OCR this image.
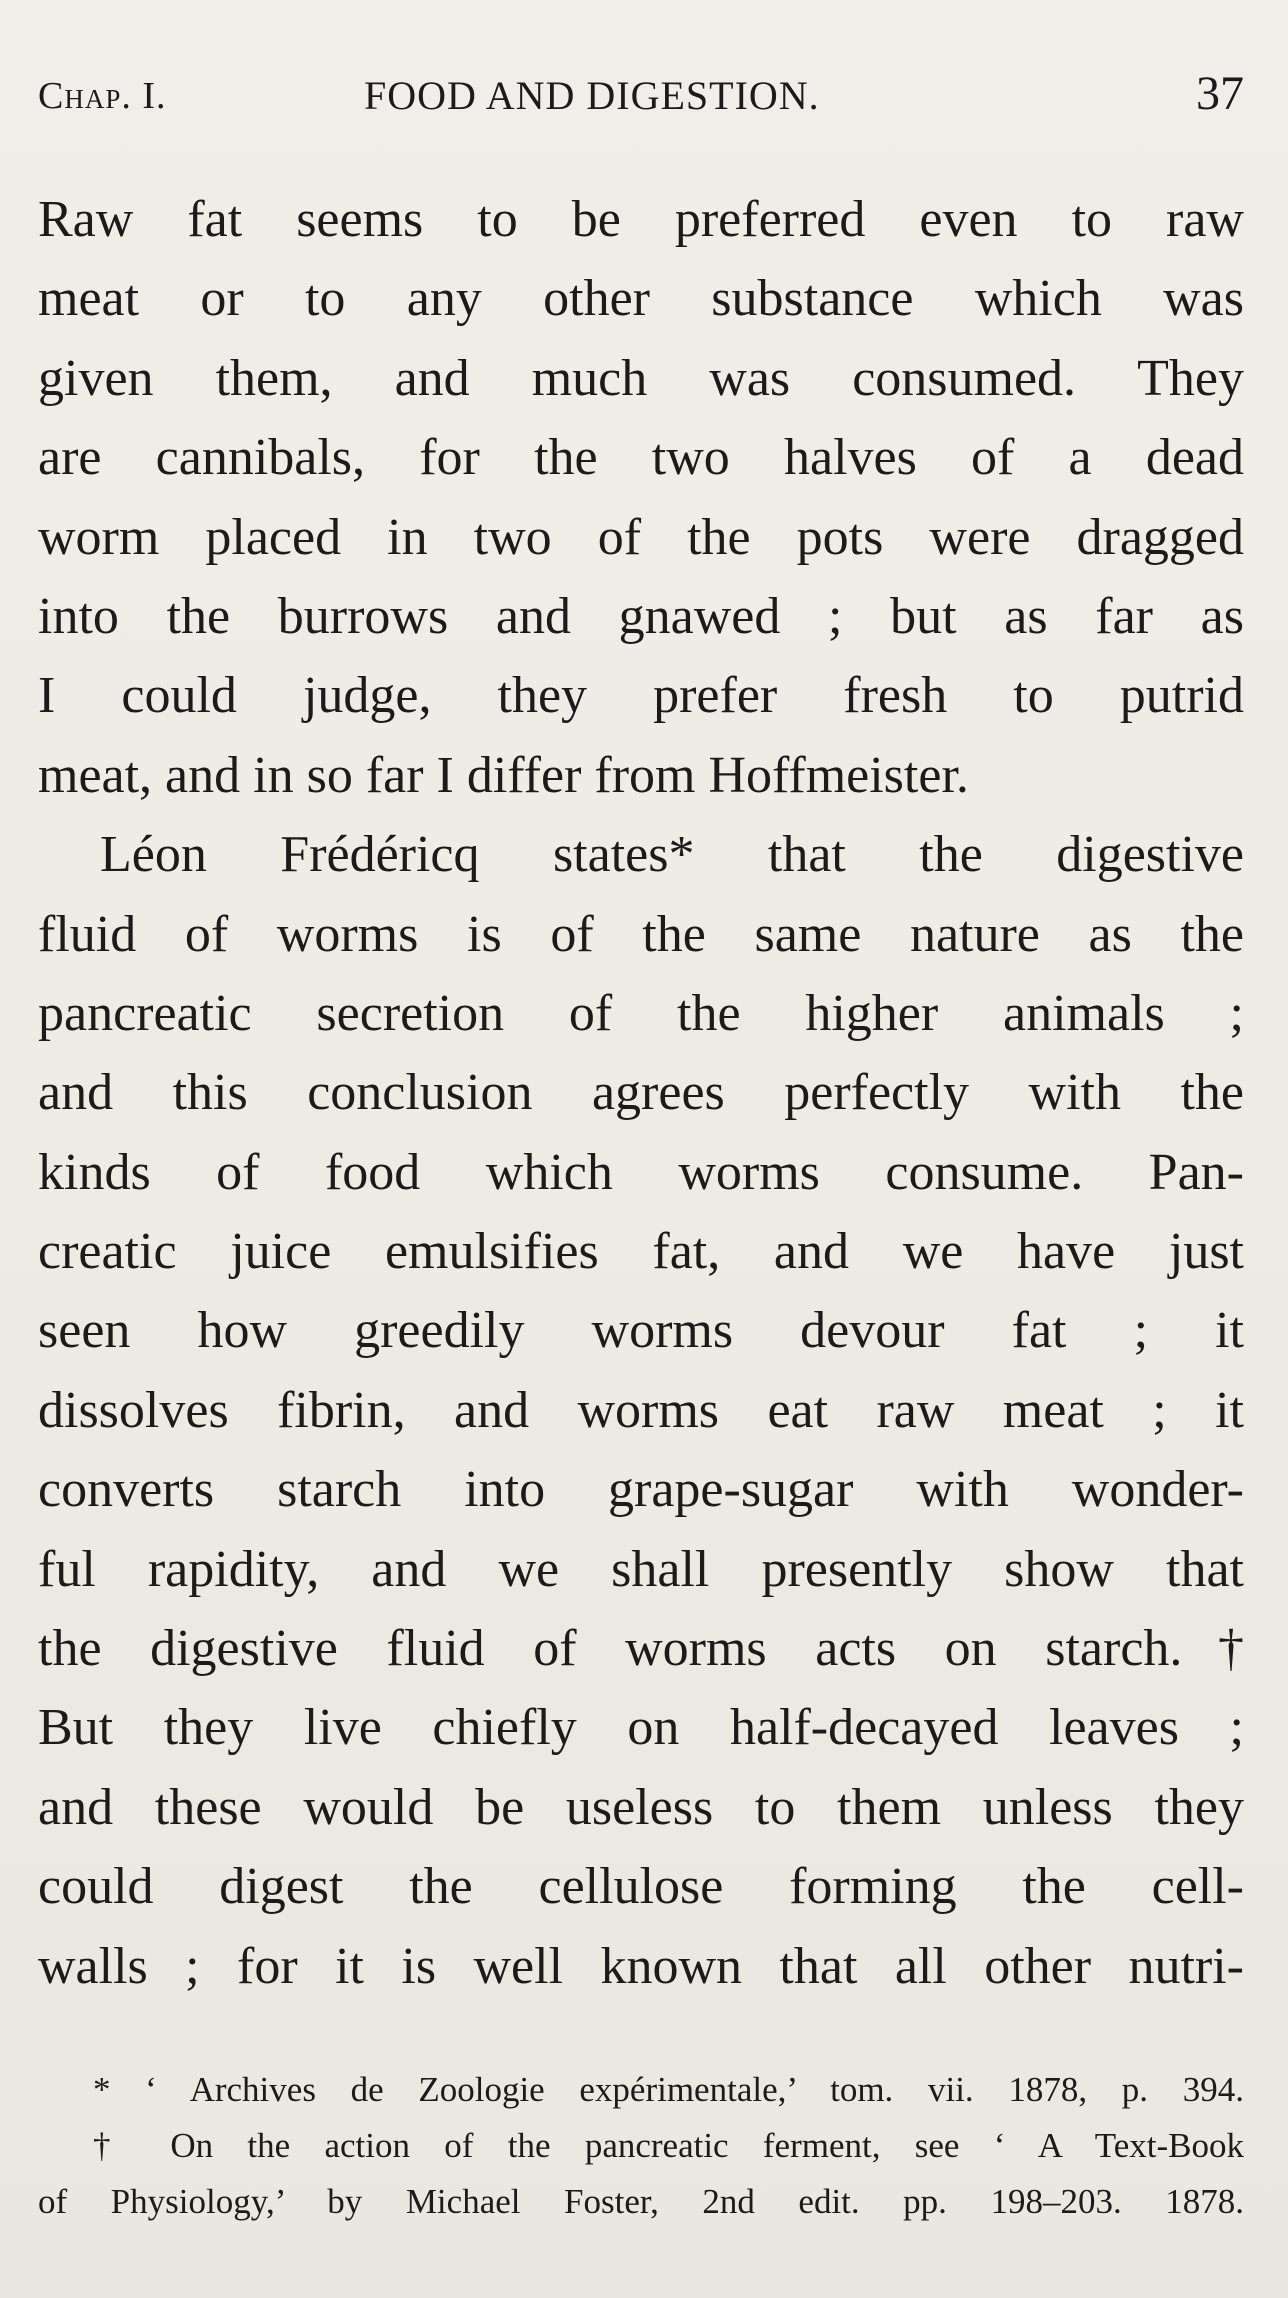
Chap. I.	FOOD AND DIGESTION.	37
Raw fat seems to be preferred even to raw
meat or to any other substance which was
given them, and much was consumed. They
are cannibals, for the two halves of a dead
worm placed in two of the pots were dragged
into the burrows and gnawed ; but as far as
I could judge, they prefer fresh to putrid
meat, and in so far I differ from Hoffmeister.
Léon Frédéricq states* that the digestive
fluid of worms is of the same nature as the
pancreatic secretion of the higher animals ;
and this conclusion agrees perfectly with the
kinds of food which worms consume. Pan-
creatic juice emulsifies fat, and we have just
seen how greedily worms devour fat ; it
dissolves fibrin, and worms eat raw meat ; it
converts starch into grape-sugar with wonder-
ful rapidity, and we shall presently show that
the digestive fluid of worms acts on starch.†
But they live chiefly on half-decayed leaves ;
and these would be useless to them unless they
could digest the cellulose forming the cell-
walls ; for it is well known that all other nutri-
* ‘ Archives de Zoologie expérimentale,’ tom. vii. 1878, p. 394.
† On the action of the pancreatic ferment, see ‘ A Text-Book
of Physiology,’ by Michael Foster, 2nd edit. pp. 198–203. 1878.
